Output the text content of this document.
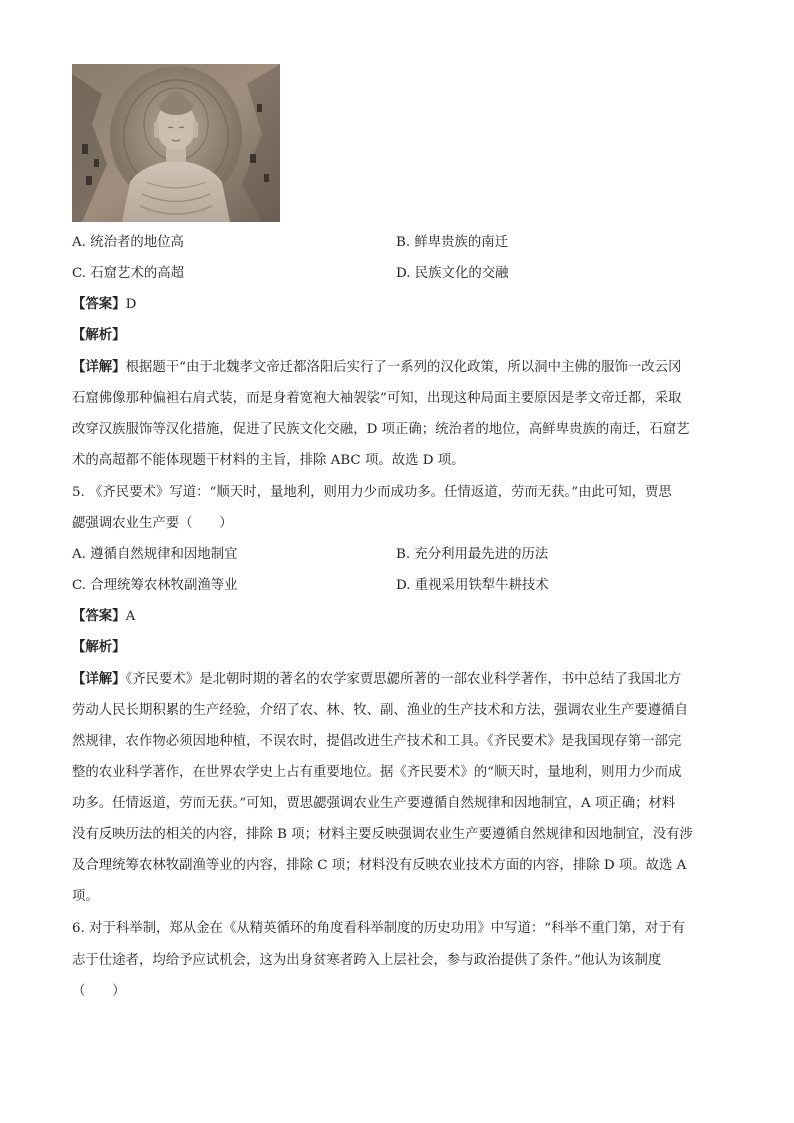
A. 统治者的地位高	B. 鲜卑贵族的南迁
C. 石窟艺术的高超	D. 民族文化的交融
【答案】D
【解析】
【详解】根据题干“由于北魏孝文帝迁都洛阳后实行了一系列的汉化政策，所以洞中主佛的服饰一改云冈
石窟佛像那种偏袒右肩式装，而是身着宽袍大袖袈裟”可知，出现这种局面主要原因是孝文帝迁都，采取
改穿汉族服饰等汉化措施，促进了民族文化交融，D 项正确；统治者的地位，高鲜卑贵族的南迁，石窟艺
术的高超都不能体现题干材料的主旨，排除 ABC 项。故选 D 项。
5. 《齐民要术》写道：“顺天时，量地利，则用力少而成功多。任情返道，劳而无获。”由此可知，贾思
勰强调农业生产要（　　）
A. 遵循自然规律和因地制宜	B. 充分利用最先进的历法
C. 合理统筹农林牧副渔等业	D. 重视采用铁犁牛耕技术
【答案】A
【解析】
【详解】《齐民要术》是北朝时期的著名的农学家贾思勰所著的一部农业科学著作，书中总结了我国北方
劳动人民长期积累的生产经验，介绍了农、林、牧、副、渔业的生产技术和方法，强调农业生产要遵循自
然规律，农作物必须因地种植，不误农时，提倡改进生产技术和工具。《齐民要术》是我国现存第一部完
整的农业科学著作，在世界农学史上占有重要地位。据《齐民要术》的“顺天时，量地利，则用力少而成
功多。任情返道，劳而无获。”可知，贾思勰强调农业生产要遵循自然规律和因地制宜，A 项正确；材料
没有反映历法的相关的内容，排除 B 项；材料主要反映强调农业生产要遵循自然规律和因地制宜，没有涉
及合理统筹农林牧副渔等业的内容，排除 C 项；材料没有反映农业技术方面的内容，排除 D 项。故选 A
项。
6. 对于科举制，郑从金在《从精英循环的角度看科举制度的历史功用》中写道：“科举不重门第，对于有
志于仕途者，均给予应试机会，这为出身贫寒者跨入上层社会，参与政治提供了条件。”他认为该制度
（　　）
